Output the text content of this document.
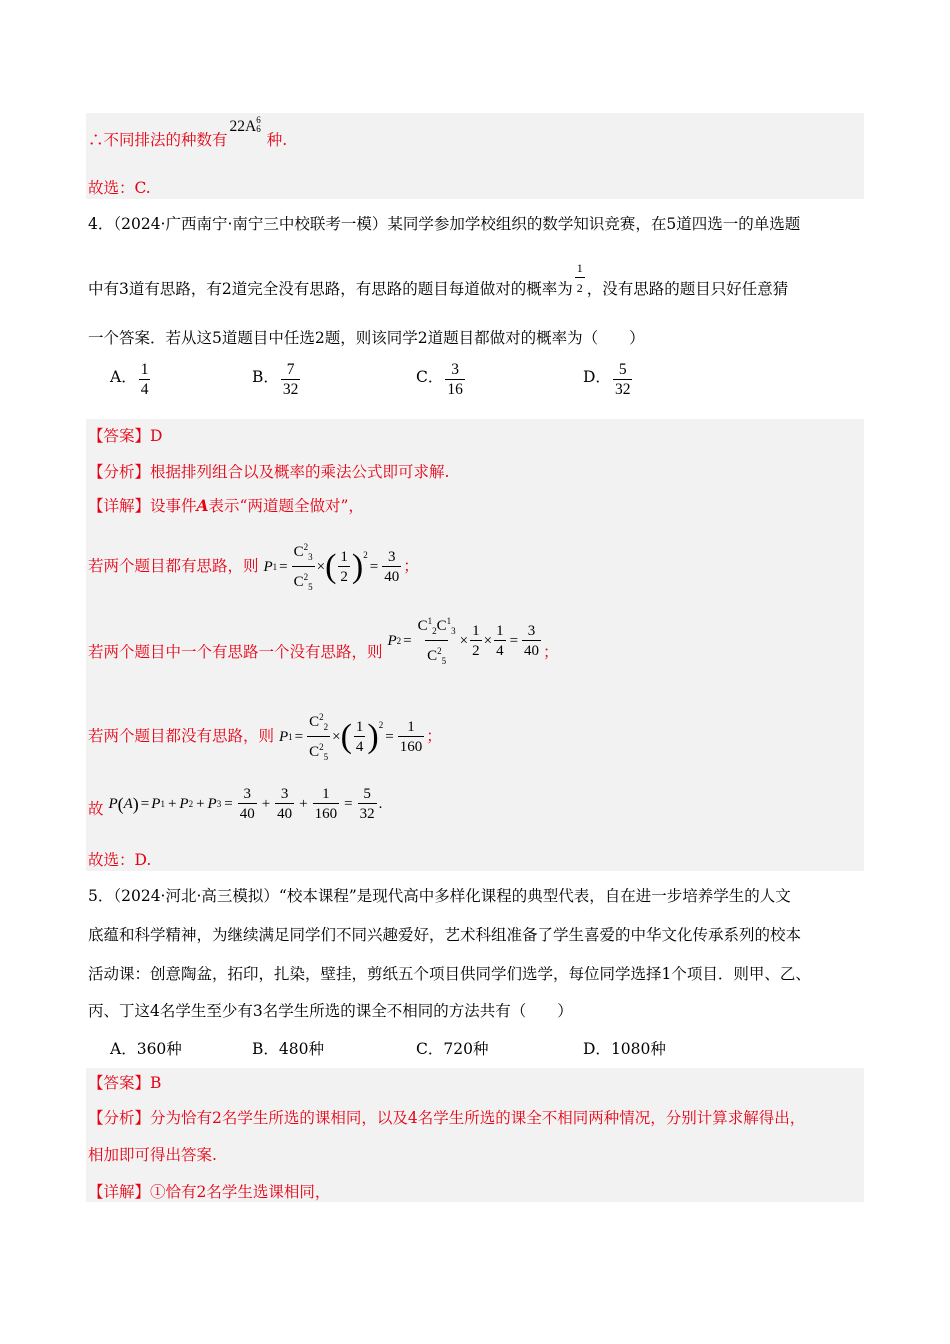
∴不同排法的种数有22A 6
6
种.
故选：C.
4．（2024·广西南宁·南宁三中校联考一模）某同学参加学校组织的数学知识竞赛，在5道四选一的单选题
中有3道有思路，有2道完全没有思路，有思路的题目每道做对的概率为 $\frac{1}{2}$ ，没有思路的题目只好任意猜
一个答案．若从这5道题目中任选2题，则该同学2道题目都做对的概率为（　　）
A． $\frac{1}{4}$	B． $\frac{7}{32}$	C． $\frac{3}{16}$	D． $\frac{5}{32}$
【答案】D
【分析】根据排列组合以及概率的乘法公式即可求解.
【详解】设事件A表示“两道题全做对”，
若两个题目都有思路，则 P $1 = \frac{C^2_3}{C^2_5}$ × ( $\frac{1}{2} )^2$
= $\frac{3}{40}$ ；
若两个题目中一个有思路一个没有思路，则
P $2 = \frac{C^1_2C^1_3}{C^2_5} \times \frac{1}{2} \times \frac{1}{4} = \frac{3}{40}$ ；
若两个题目都没有思路，则 P $1 = \frac{C^2_2}{C^2_5}$ × ( $\frac{1}{4} )^2$
= $\frac{1}{160}$ ；
故 P ( A ) = P 1 + P 2 + P $3 = \frac{3}{40} + \frac{3}{40} + \frac{1}{160} = \frac{5}{32}$ .
故选：D.
5．（2024·河北·高三模拟）“校本课程”是现代高中多样化课程的典型代表，自在进一步培养学生的人文
底蕴和科学精神，为继续满足同学们不同兴趣爱好，艺术科组准备了学生喜爱的中华文化传承系列的校本
活动课：创意陶盆，拓印，扎染，壁挂，剪纸五个项目供同学们选学，每位同学选择1个项目．则甲、乙、
丙、丁这4名学生至少有3名学生所选的课全不相同的方法共有（　　）
A．360种	B．480种	C．720种	D．1080种
【答案】B
【分析】分为恰有2名学生所选的课相同，以及4名学生所选的课全不相同两种情况，分别计算求解得出，
相加即可得出答案.
【详解】①恰有2名学生选课相同，
